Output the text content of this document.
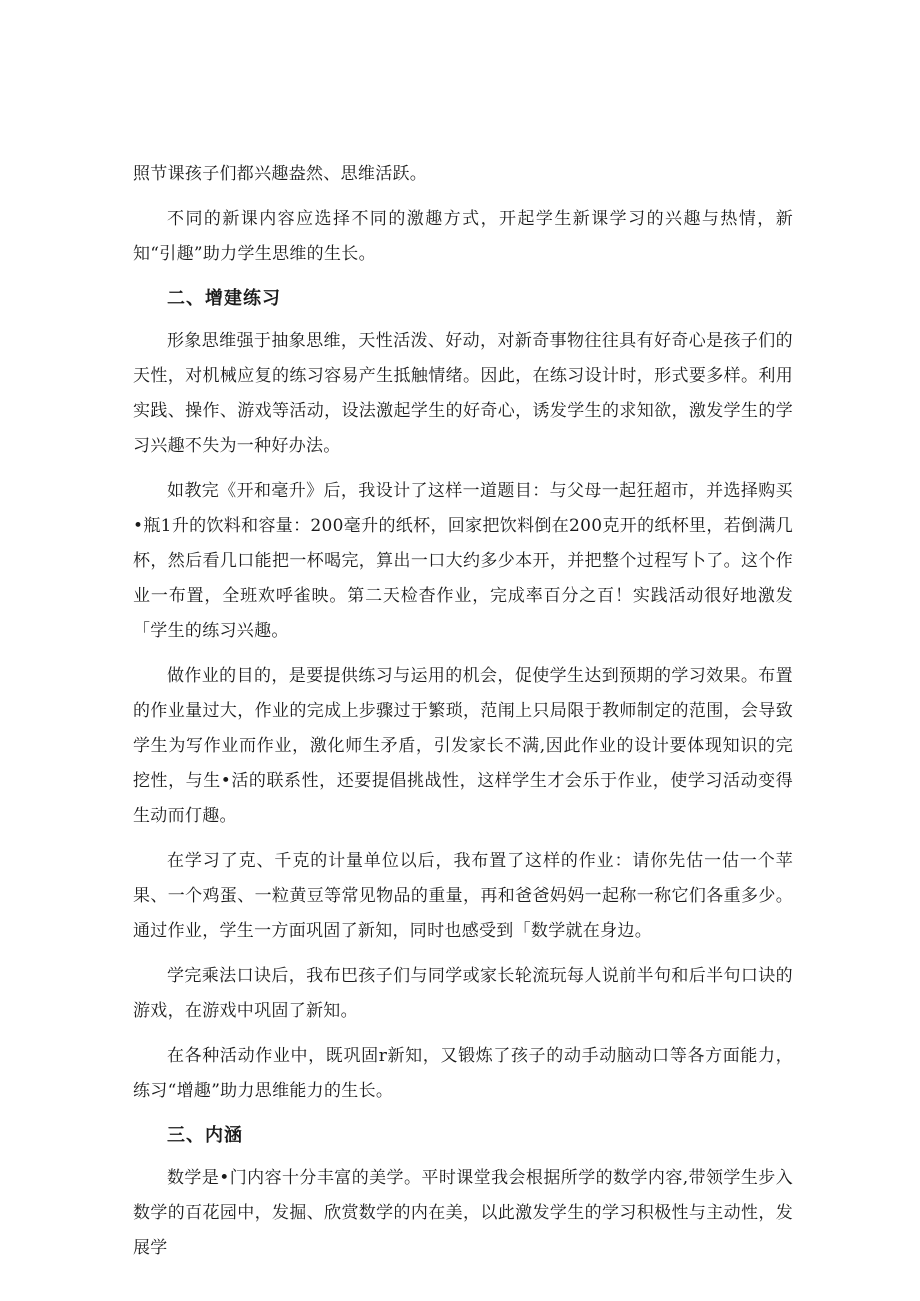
照节课孩子们都兴趣盎然、思维活跃。

不同的新课内容应选择不同的激趣方式，开起学生新课学习的兴趣与热情，新知“引趣”助力学生思维的生长。

二、增建练习

形象思维强于抽象思维，天性活泼、好动，对新奇事物往往具有好奇心是孩子们的天性，对机械应复的练习容易产生抵触情绪。因此，在练习设计时，形式要多样。利用实践、操作、游戏等活动，设法激起学生的好奇心，诱发学生的求知欲，激发学生的学习兴趣不失为一种好办法。

如教完《开和毫升》后，我设计了这样一道题目：与父母一起狂超市，并选择购买•瓶1升的饮料和容量：200毫升的纸杯，回家把饮料倒在200克开的纸杯里，若倒满几杯，然后看几口能把一杯喝完，算出一口大约多少本开，并把整个过程写卜了。这个作业一布置，全班欢呼雀映。第二天检杳作业，完成率百分之百！实践活动很好地激发「学生的练习兴趣。

做作业的目的，是要提供练习与运用的机会，促使学生达到预期的学习效果。布置的作业量过大，作业的完成上步骤过于繁琐，范闱上只局限于教师制定的范围，会导致学生为写作业而作业，激化师生矛盾，引发家长不满,因此作业的设计要体现知识的完挖性，与生•活的联系性，还要提倡挑战性，这样学生才会乐于作业，使学习活动变得生动而仃趣。

在学习了克、千克的计量单位以后，我布置了这样的作业：请你先估一估一个苹果、一个鸡蛋、一粒黄豆等常见物品的重量，再和爸爸妈妈一起称一称它们各重多少。通过作业，学生一方面巩固了新知，同时也感受到「数学就在身边。

学完乘法口诀后，我布巴孩子们与同学或家长轮流玩每人说前半句和后半句口诀的游戏，在游戏中巩固了新知。

在各种活动作业中，既巩固r新知，又锻炼了孩子的动手动脑动口等各方面能力，练习“增趣”助力思维能力的生长。

三、内涵

数学是•门内容十分丰富的美学。平时课堂我会根据所学的数学内容,带领学生步入数学的百花园中，发掘、欣赏数学的内在美，以此激发学生的学习积极性与主动性，发展学
